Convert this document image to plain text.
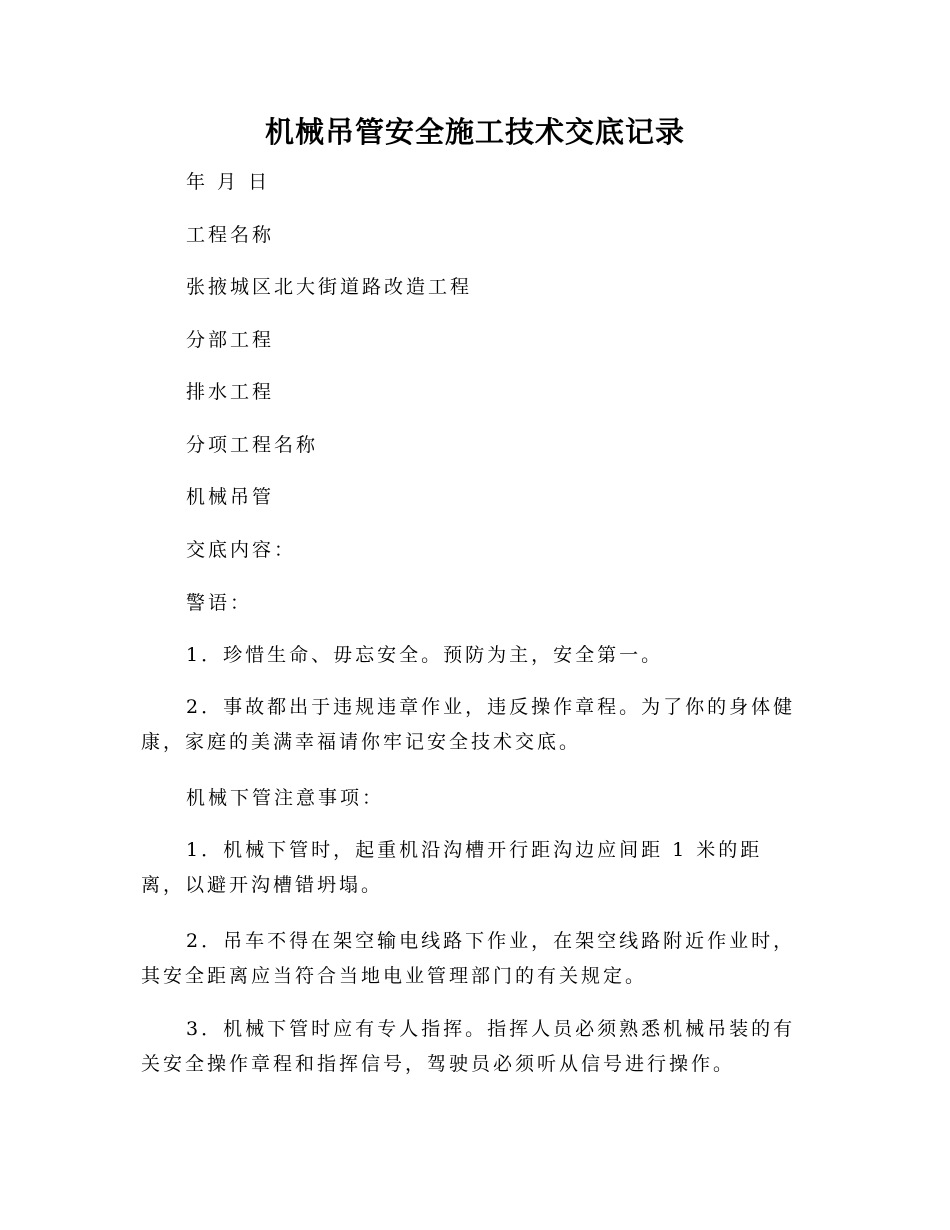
机械吊管安全施工技术交底记录
年 月 日
工程名称
张掖城区北大街道路改造工程
分部工程
排水工程
分项工程名称
机械吊管
交底内容：
警语：
1．珍惜生命、毋忘安全。预防为主，安全第一。
2．事故都出于违规违章作业，违反操作章程。为了你的身体健康，家庭的美满幸福请你牢记安全技术交底。
机械下管注意事项：
1．机械下管时，起重机沿沟槽开行距沟边应间距 1 米的距离，以避开沟槽错坍塌。
2．吊车不得在架空输电线路下作业，在架空线路附近作业时，其安全距离应当符合当地电业管理部门的有关规定。
3．机械下管时应有专人指挥。指挥人员必须熟悉机械吊装的有关安全操作章程和指挥信号，驾驶员必须听从信号进行操作。
